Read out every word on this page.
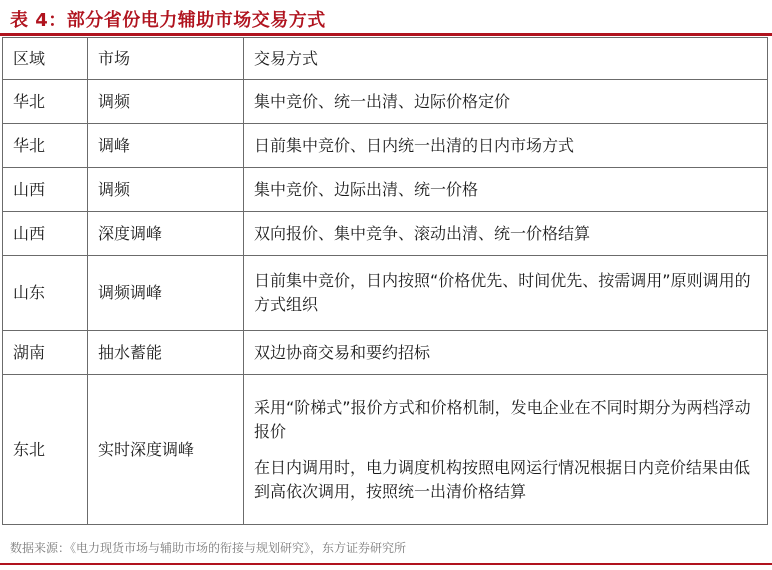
表 4：部分省份电力辅助市场交易方式
区域	市场	交易方式
华北	调频	集中竞价、统一出清、边际价格定价

华北	调峰	日前集中竞价、日内统一出清的日内市场方式

山西	调频	集中竞价、边际出清、统一价格

山西	深度调峰	双向报价、集中竞争、滚动出清、统一价格结算

山东	调频调峰	日前集中竞价，日内按照“价格优先、时间优先、按需调用”原则调用的方式组织

湖南	抽水蓄能	双边协商交易和要约招标

东北	实时深度调峰	采用“阶梯式”报价方式和价格机制，发电企业在不同时期分为两档浮动报价

在日内调用时，电力调度机构按照电网运行情况根据日内竞价结果由低到高依次调用，按照统一出清价格结算

数据来源：《电力现货市场与辅助市场的衔接与规划研究》，东方证券研究所
